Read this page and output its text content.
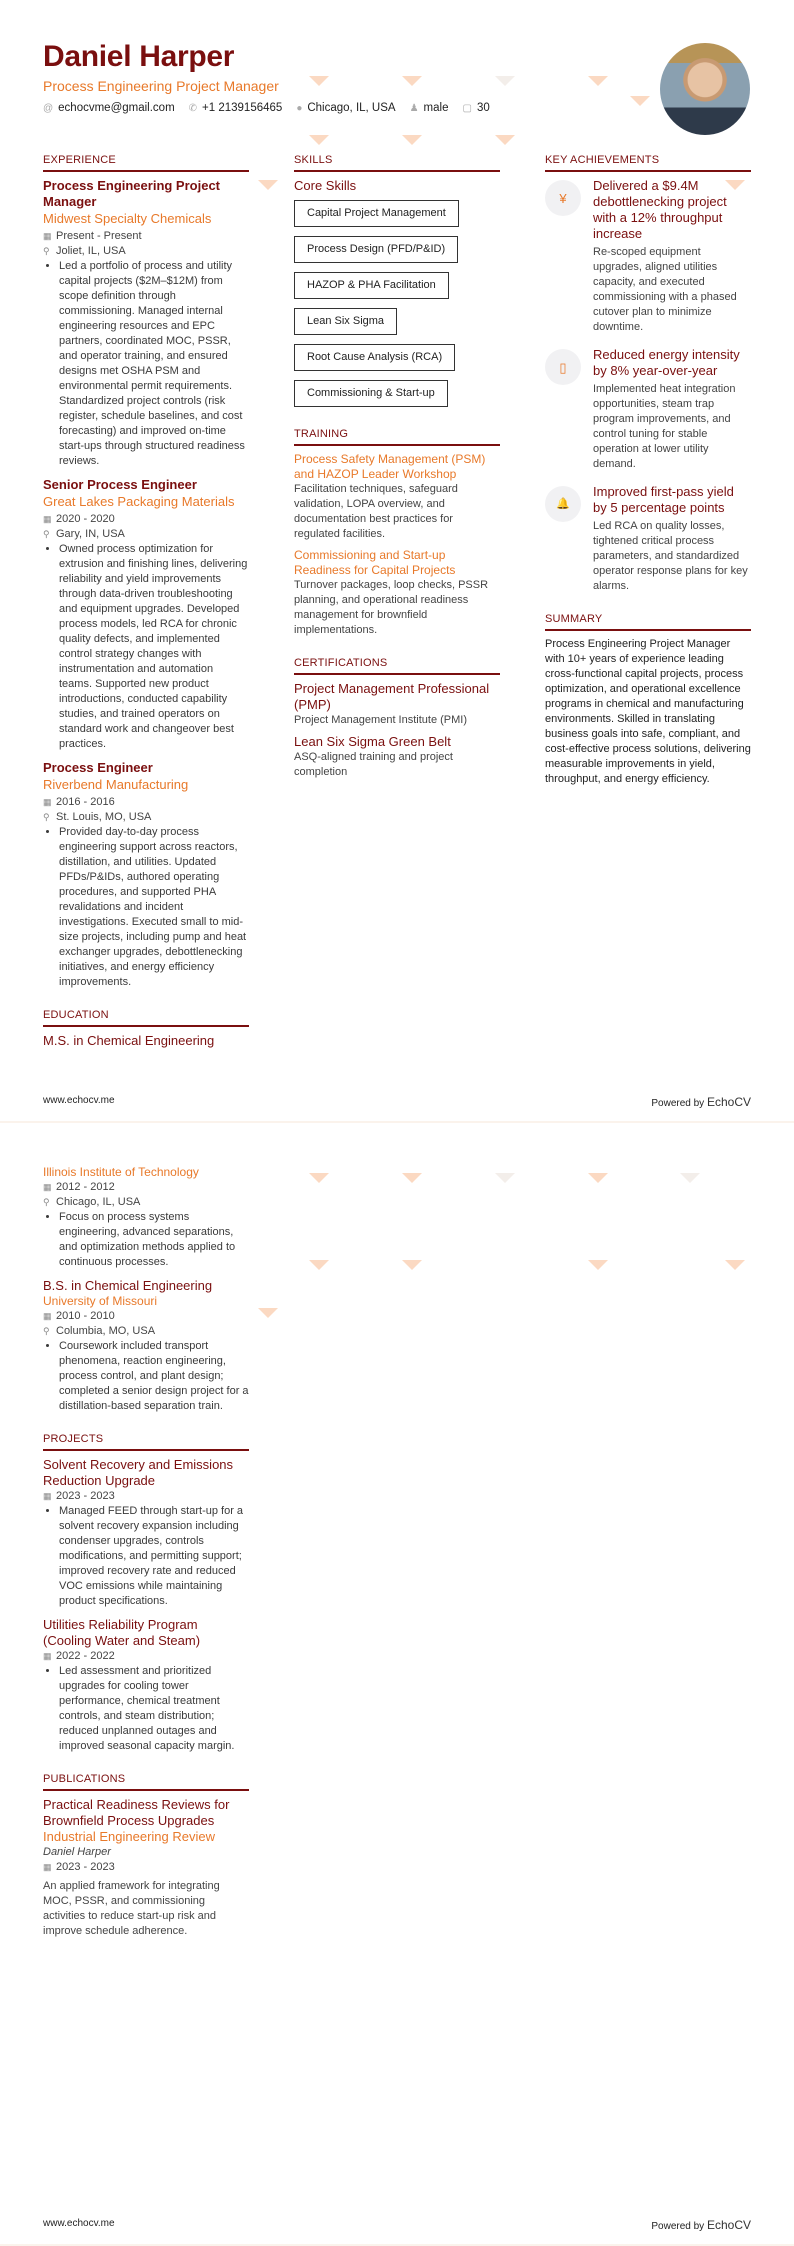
Daniel Harper
Process Engineering Project Manager
@ echocvme@gmail.com ✆ +1 2139156465 ● Chicago, IL, USA ♟ male ▢ 30
EXPERIENCE
Process Engineering Project Manager
Midwest Specialty Chemicals
▦ Present - Present
⚲ Joliet, IL, USA
• Led a portfolio of process and utility capital projects ($2M–$12M) from scope definition through commissioning. Managed internal engineering resources and EPC partners, coordinated MOC, PSSR, and operator training, and ensured designs met OSHA PSM and environmental permit requirements. Standardized project controls (risk register, schedule baselines, and cost forecasting) and improved on-time start-ups through structured readiness reviews.
Senior Process Engineer
Great Lakes Packaging Materials
▦ 2020 - 2020
⚲ Gary, IN, USA
• Owned process optimization for extrusion and finishing lines, delivering reliability and yield improvements through data-driven troubleshooting and equipment upgrades. Developed process models, led RCA for chronic quality defects, and implemented control strategy changes with instrumentation and automation teams. Supported new product introductions, conducted capability studies, and trained operators on standard work and changeover best practices.
Process Engineer
Riverbend Manufacturing
▦ 2016 - 2016
⚲ St. Louis, MO, USA
• Provided day-to-day process engineering support across reactors, distillation, and utilities. Updated PFDs/P&IDs, authored operating procedures, and supported PHA revalidations and incident investigations. Executed small to mid-size projects, including pump and heat exchanger upgrades, debottlenecking initiatives, and energy efficiency improvements.
EDUCATION
M.S. in Chemical Engineering
SKILLS
Core Skills
Capital Project Management
Process Design (PFD/P&ID)
HAZOP & PHA Facilitation
Lean Six Sigma
Root Cause Analysis (RCA)
Commissioning & Start-up
TRAINING
Process Safety Management (PSM) and HAZOP Leader Workshop
Facilitation techniques, safeguard validation, LOPA overview, and documentation best practices for regulated facilities.
Commissioning and Start-up Readiness for Capital Projects
Turnover packages, loop checks, PSSR planning, and operational readiness management for brownfield implementations.
CERTIFICATIONS
Project Management Professional (PMP)
Project Management Institute (PMI)
Lean Six Sigma Green Belt
ASQ-aligned training and project completion
KEY ACHIEVEMENTS
¥
Delivered a $9.4M debottlenecking project with a 12% throughput increase
Re-scoped equipment upgrades, aligned utilities capacity, and executed commissioning with a phased cutover plan to minimize downtime.
▯
Reduced energy intensity by 8% year-over-year
Implemented heat integration opportunities, steam trap program improvements, and control tuning for stable operation at lower utility demand.
🔔
Improved first-pass yield by 5 percentage points
Led RCA on quality losses, tightened critical process parameters, and standardized operator response plans for key alarms.
SUMMARY
Process Engineering Project Manager with 10+ years of experience leading cross-functional capital projects, process optimization, and operational excellence programs in chemical and manufacturing environments. Skilled in translating business goals into safe, compliant, and cost-effective process solutions, delivering measurable improvements in yield, throughput, and energy efficiency.
www.echocv.me	Powered by EchoCV
Illinois Institute of Technology
▦ 2012 - 2012
⚲ Chicago, IL, USA
• Focus on process systems engineering, advanced separations, and optimization methods applied to continuous processes.
B.S. in Chemical Engineering
University of Missouri
▦ 2010 - 2010
⚲ Columbia, MO, USA
• Coursework included transport phenomena, reaction engineering, process control, and plant design; completed a senior design project for a distillation-based separation train.
PROJECTS
Solvent Recovery and Emissions Reduction Upgrade
▦ 2023 - 2023
• Managed FEED through start-up for a solvent recovery expansion including condenser upgrades, controls modifications, and permitting support; improved recovery rate and reduced VOC emissions while maintaining product specifications.
Utilities Reliability Program (Cooling Water and Steam)
▦ 2022 - 2022
• Led assessment and prioritized upgrades for cooling tower performance, chemical treatment controls, and steam distribution; reduced unplanned outages and improved seasonal capacity margin.
PUBLICATIONS
Practical Readiness Reviews for Brownfield Process Upgrades
Industrial Engineering Review
Daniel Harper
▦ 2023 - 2023
An applied framework for integrating MOC, PSSR, and commissioning activities to reduce start-up risk and improve schedule adherence.
www.echocv.me	Powered by EchoCV
